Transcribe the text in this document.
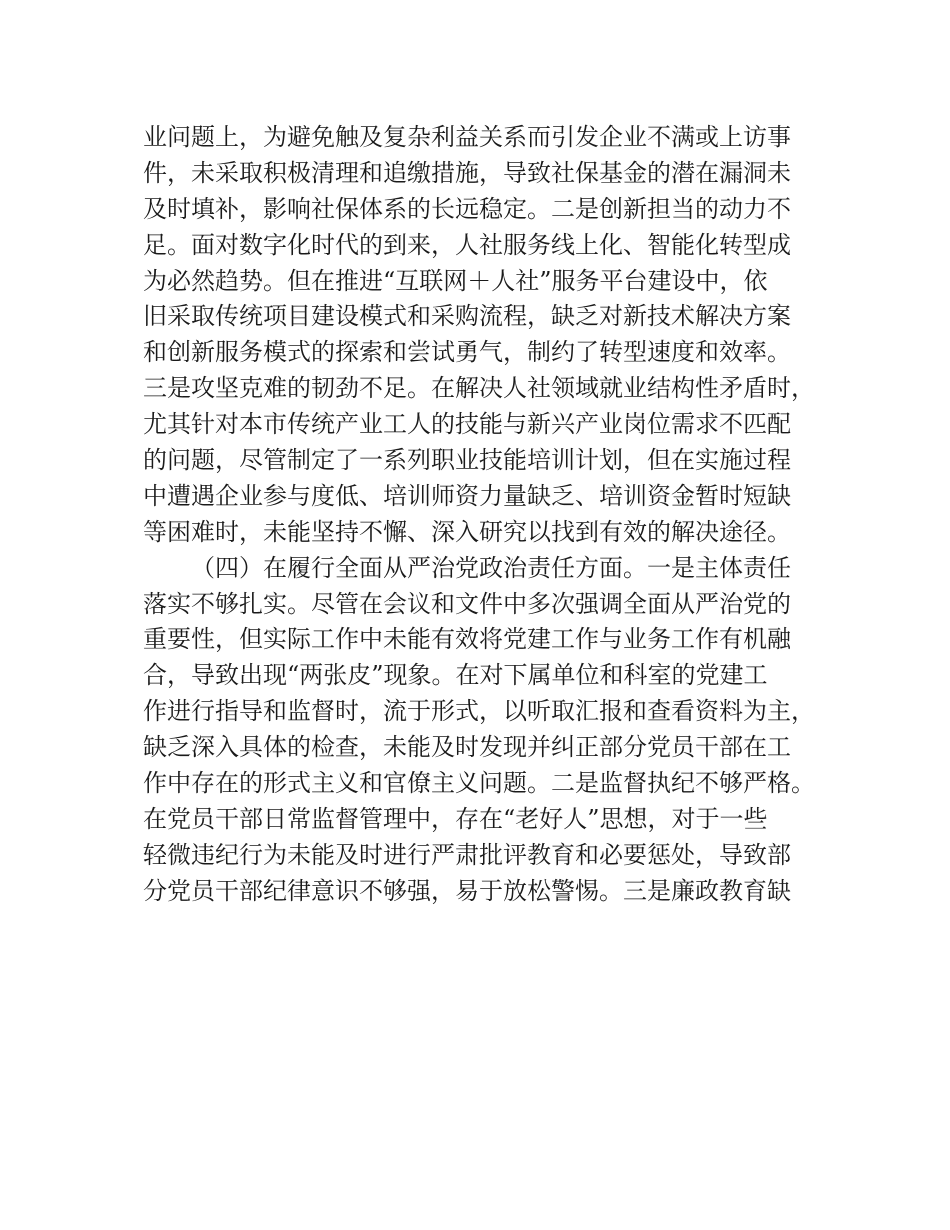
业问题上，为避免触及复杂利益关系而引发企业不满或上访事
件，未采取积极清理和追缴措施，导致社保基金的潜在漏洞未
及时填补，影响社保体系的长远稳定。二是创新担当的动力不
足。面对数字化时代的到来，人社服务线上化、智能化转型成
为必然趋势。但在推进“互联网＋人社”服务平台建设中，依
旧采取传统项目建设模式和采购流程，缺乏对新技术解决方案
和创新服务模式的探索和尝试勇气，制约了转型速度和效率。
三是攻坚克难的韧劲不足。在解决人社领域就业结构性矛盾时，
尤其针对本市传统产业工人的技能与新兴产业岗位需求不匹配
的问题，尽管制定了一系列职业技能培训计划，但在实施过程
中遭遇企业参与度低、培训师资力量缺乏、培训资金暂时短缺
等困难时，未能坚持不懈、深入研究以找到有效的解决途径。
（四）在履行全面从严治党政治责任方面。一是主体责任
落实不够扎实。尽管在会议和文件中多次强调全面从严治党的
重要性，但实际工作中未能有效将党建工作与业务工作有机融
合，导致出现“两张皮”现象。在对下属单位和科室的党建工
作进行指导和监督时，流于形式，以听取汇报和查看资料为主，
缺乏深入具体的检查，未能及时发现并纠正部分党员干部在工
作中存在的形式主义和官僚主义问题。二是监督执纪不够严格。
在党员干部日常监督管理中，存在“老好人”思想，对于一些
轻微违纪行为未能及时进行严肃批评教育和必要惩处，导致部
分党员干部纪律意识不够强，易于放松警惕。三是廉政教育缺
